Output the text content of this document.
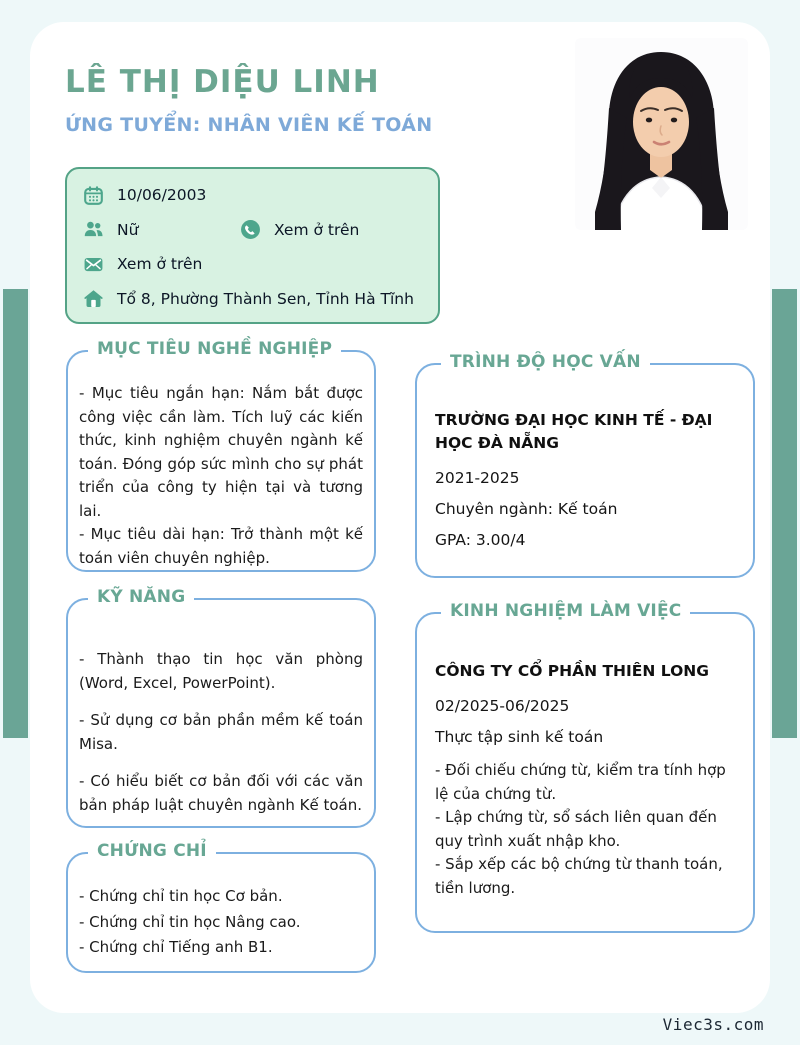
LÊ THỊ DIỆU LINH
ỨNG TUYỂN: NHÂN VIÊN KẾ TOÁN
10/06/2003
Nữ	Xem ở trên
Xem ở trên
Tổ 8, Phường Thành Sen, Tỉnh Hà Tĩnh
MỤC TIÊU NGHỀ NGHIỆP

- Mục tiêu ngắn hạn: Nắm bắt được công việc cần làm. Tích luỹ các kiến thức, kinh nghiệm chuyên ngành kế toán. Đóng góp sức mình cho sự phát triển của công ty hiện tại và tương lai.

- Mục tiêu dài hạn: Trở thành một kế toán viên chuyên nghiệp.

KỸ NĂNG

- Thành thạo tin học văn phòng (Word, Excel, PowerPoint).

- Sử dụng cơ bản phần mềm kế toán Misa.

- Có hiểu biết cơ bản đối với các văn bản pháp luật chuyên ngành Kế toán.

CHỨNG CHỈ
- Chứng chỉ tin học Cơ bản.
- Chứng chỉ tin học Nâng cao.
- Chứng chỉ Tiếng anh B1.
TRÌNH ĐỘ HỌC VẤN

TRƯỜNG ĐẠI HỌC KINH TẾ - ĐẠI HỌC ĐÀ NẴNG

2021-2025

Chuyên ngành: Kế toán

GPA: 3.00/4

KINH NGHIỆM LÀM VIỆC

CÔNG TY CỔ PHẦN THIÊN LONG

02/2025-06/2025

Thực tập sinh kế toán

- Đối chiếu chứng từ, kiểm tra tính hợp lệ của chứng từ.
- Lập chứng từ, sổ sách liên quan đến quy trình xuất nhập kho.
- Sắp xếp các bộ chứng từ thanh toán, tiền lương.
Viec3s.com
